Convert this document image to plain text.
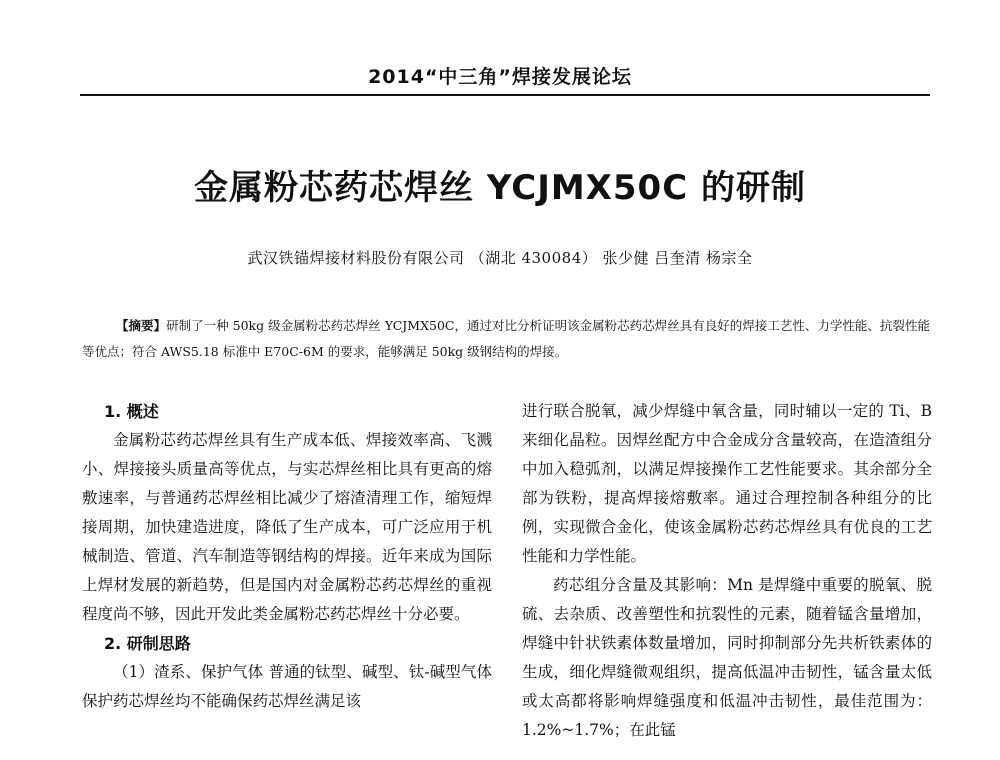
2014“中三角”焊接发展论坛
金属粉芯药芯焊丝 YCJMX50C 的研制
武汉铁锚焊接材料股份有限公司 （湖北 430084） 张少健 吕奎清 杨宗全
【摘要】研制了一种 50kg 级金属粉芯药芯焊丝 YCJMX50C，通过对比分析证明该金属粉芯药芯焊丝具有良好的焊接工艺性、力学性能、抗裂性能等优点；符合 AWS5.18 标准中 E70C-6M 的要求，能够满足 50kg 级钢结构的焊接。
1. 概述

金属粉芯药芯焊丝具有生产成本低、焊接效率高、飞溅小、焊接接头质量高等优点，与实芯焊丝相比具有更高的熔敷速率，与普通药芯焊丝相比减少了熔渣清理工作，缩短焊接周期，加快建造进度，降低了生产成本，可广泛应用于机械制造、管道、汽车制造等钢结构的焊接。近年来成为国际上焊材发展的新趋势，但是国内对金属粉芯药芯焊丝的重视程度尚不够，因此开发此类金属粉芯药芯焊丝十分必要。

2. 研制思路

（1）渣系、保护气体 普通的钛型、碱型、钛-碱型气体保护药芯焊丝均不能确保药芯焊丝满足该

进行联合脱氧，减少焊缝中氧含量，同时辅以一定的 Ti、B 来细化晶粒。因焊丝配方中合金成分含量较高，在造渣组分中加入稳弧剂，以满足焊接操作工艺性能要求。其余部分全部为铁粉，提高焊接熔敷率。通过合理控制各种组分的比例，实现微合金化，使该金属粉芯药芯焊丝具有优良的工艺性能和力学性能。

药芯组分含量及其影响：Mn 是焊缝中重要的脱氧、脱硫、去杂质、改善塑性和抗裂性的元素，随着锰含量增加，焊缝中针状铁素体数量增加，同时抑制部分先共析铁素体的生成，细化焊缝微观组织，提高低温冲击韧性，锰含量太低或太高都将影响焊缝强度和低温冲击韧性，最佳范围为：1.2%~1.7%；在此锰
